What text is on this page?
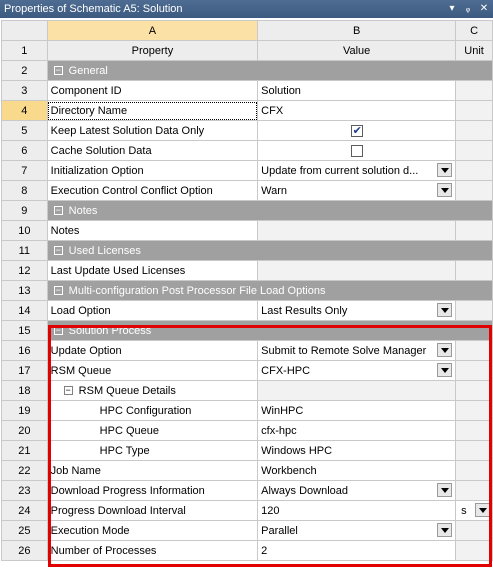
Properties of Schematic A5: Solution	▾	ᵩ ✕
	A	B	C
1	Property	Value	Unit
2	− General		
3	Component ID	Solution	
4	Directory Name	CFX	
5	Keep Latest Solution Data Only	✔	
6	Cache Solution Data		
7	Initialization Option	Update from current solution d...	

8	Execution Control Conflict Option	Warn	

9	− Notes		
10	Notes		
11	− Used Licenses		
12	Last Update Used Licenses		
13	− Multi-configuration Post Processor File Load Options		
14	Load Option	Last Results Only	

15	− Solution Process		
16	Update Option	Submit to Remote Solve Manager	

17	RSM Queue	CFX-HPC	

18	− RSM Queue Details		
19	HPC Configuration	WinHPC	
20	HPC Queue	cfx-hpc	
21	HPC Type	Windows HPC	
22	Job Name	Workbench	
23	Download Progress Information	Always Download	

24	Progress Download Interval	120	s

25	Execution Mode	Parallel	

26	Number of Processes	2	
